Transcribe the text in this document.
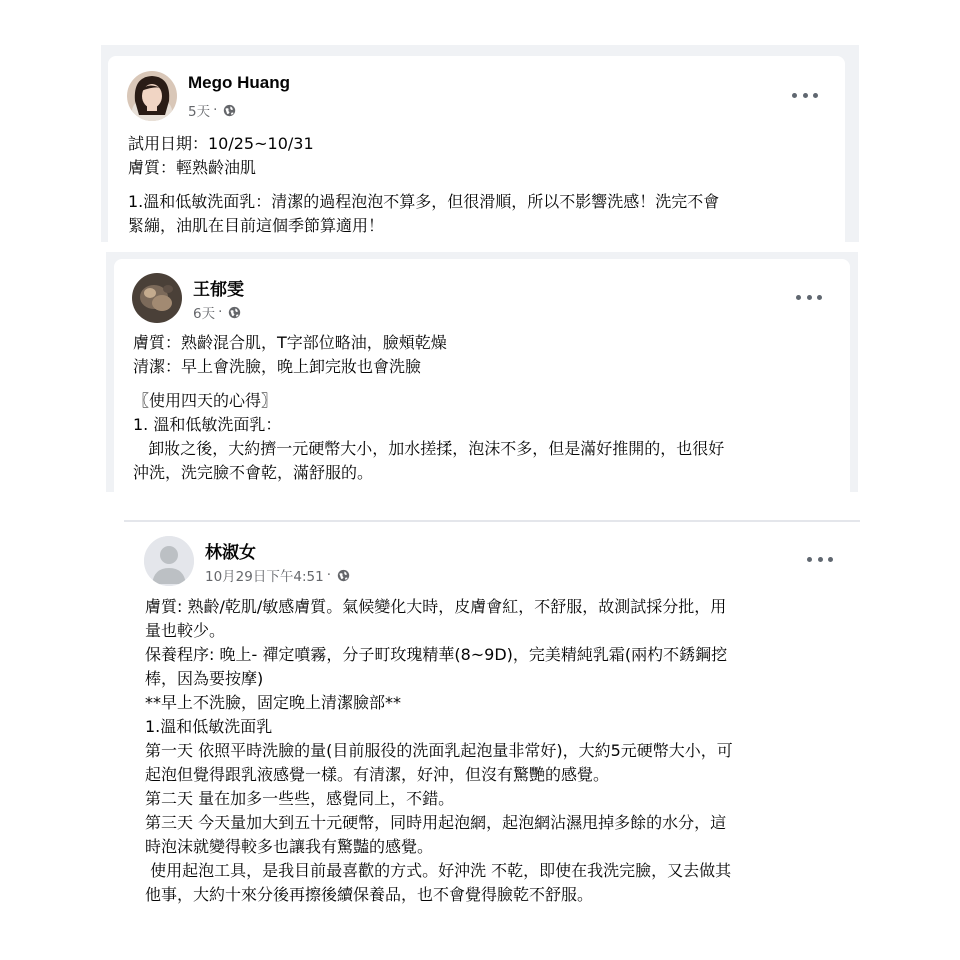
Mego Huang
5天 ·

試用日期：10/25~10/31

膚質：輕熟齡油肌

1.溫和低敏洗面乳：清潔的過程泡泡不算多，但很滑順，所以不影響洗感！洗完不會

緊繃，油肌在目前這個季節算適用！

王郁雯
6天 ·

膚質：熟齡混合肌，T字部位略油，臉頰乾燥

清潔：早上會洗臉，晚上卸完妝也會洗臉

〖使用四天的心得〗

1. 溫和低敏洗面乳：

卸妝之後，大約擠一元硬幣大小，加水搓揉，泡沫不多，但是滿好推開的，也很好

沖洗，洗完臉不會乾，滿舒服的。

林淑女
10月29日下午4:51 ·

膚質: 熟齡/乾肌/敏感膚質。氣候變化大時，皮膚會紅，不舒服，故測試採分批，用

量也較少。

保養程序: 晚上- 禪定噴霧，分子町玫瑰精華(8~9D)，完美精純乳霜(兩杓不銹鋼挖

棒，因為要按摩)

**早上不洗臉，固定晚上清潔臉部**

1.溫和低敏洗面乳

第一天 依照平時洗臉的量(目前服役的洗面乳起泡量非常好)，大約5元硬幣大小，可

起泡但覺得跟乳液感覺一樣。有清潔，好沖，但沒有驚艷的感覺。

第二天 量在加多一些些，感覺同上，不錯。

第三天 今天量加大到五十元硬幣，同時用起泡網，起泡網沾濕甩掉多餘的水分，這

時泡沫就變得較多也讓我有驚豔的感覺。

使用起泡工具，是我目前最喜歡的方式。好沖洗 不乾，即使在我洗完臉，又去做其

他事，大約十來分後再擦後續保養品，也不會覺得臉乾不舒服。
